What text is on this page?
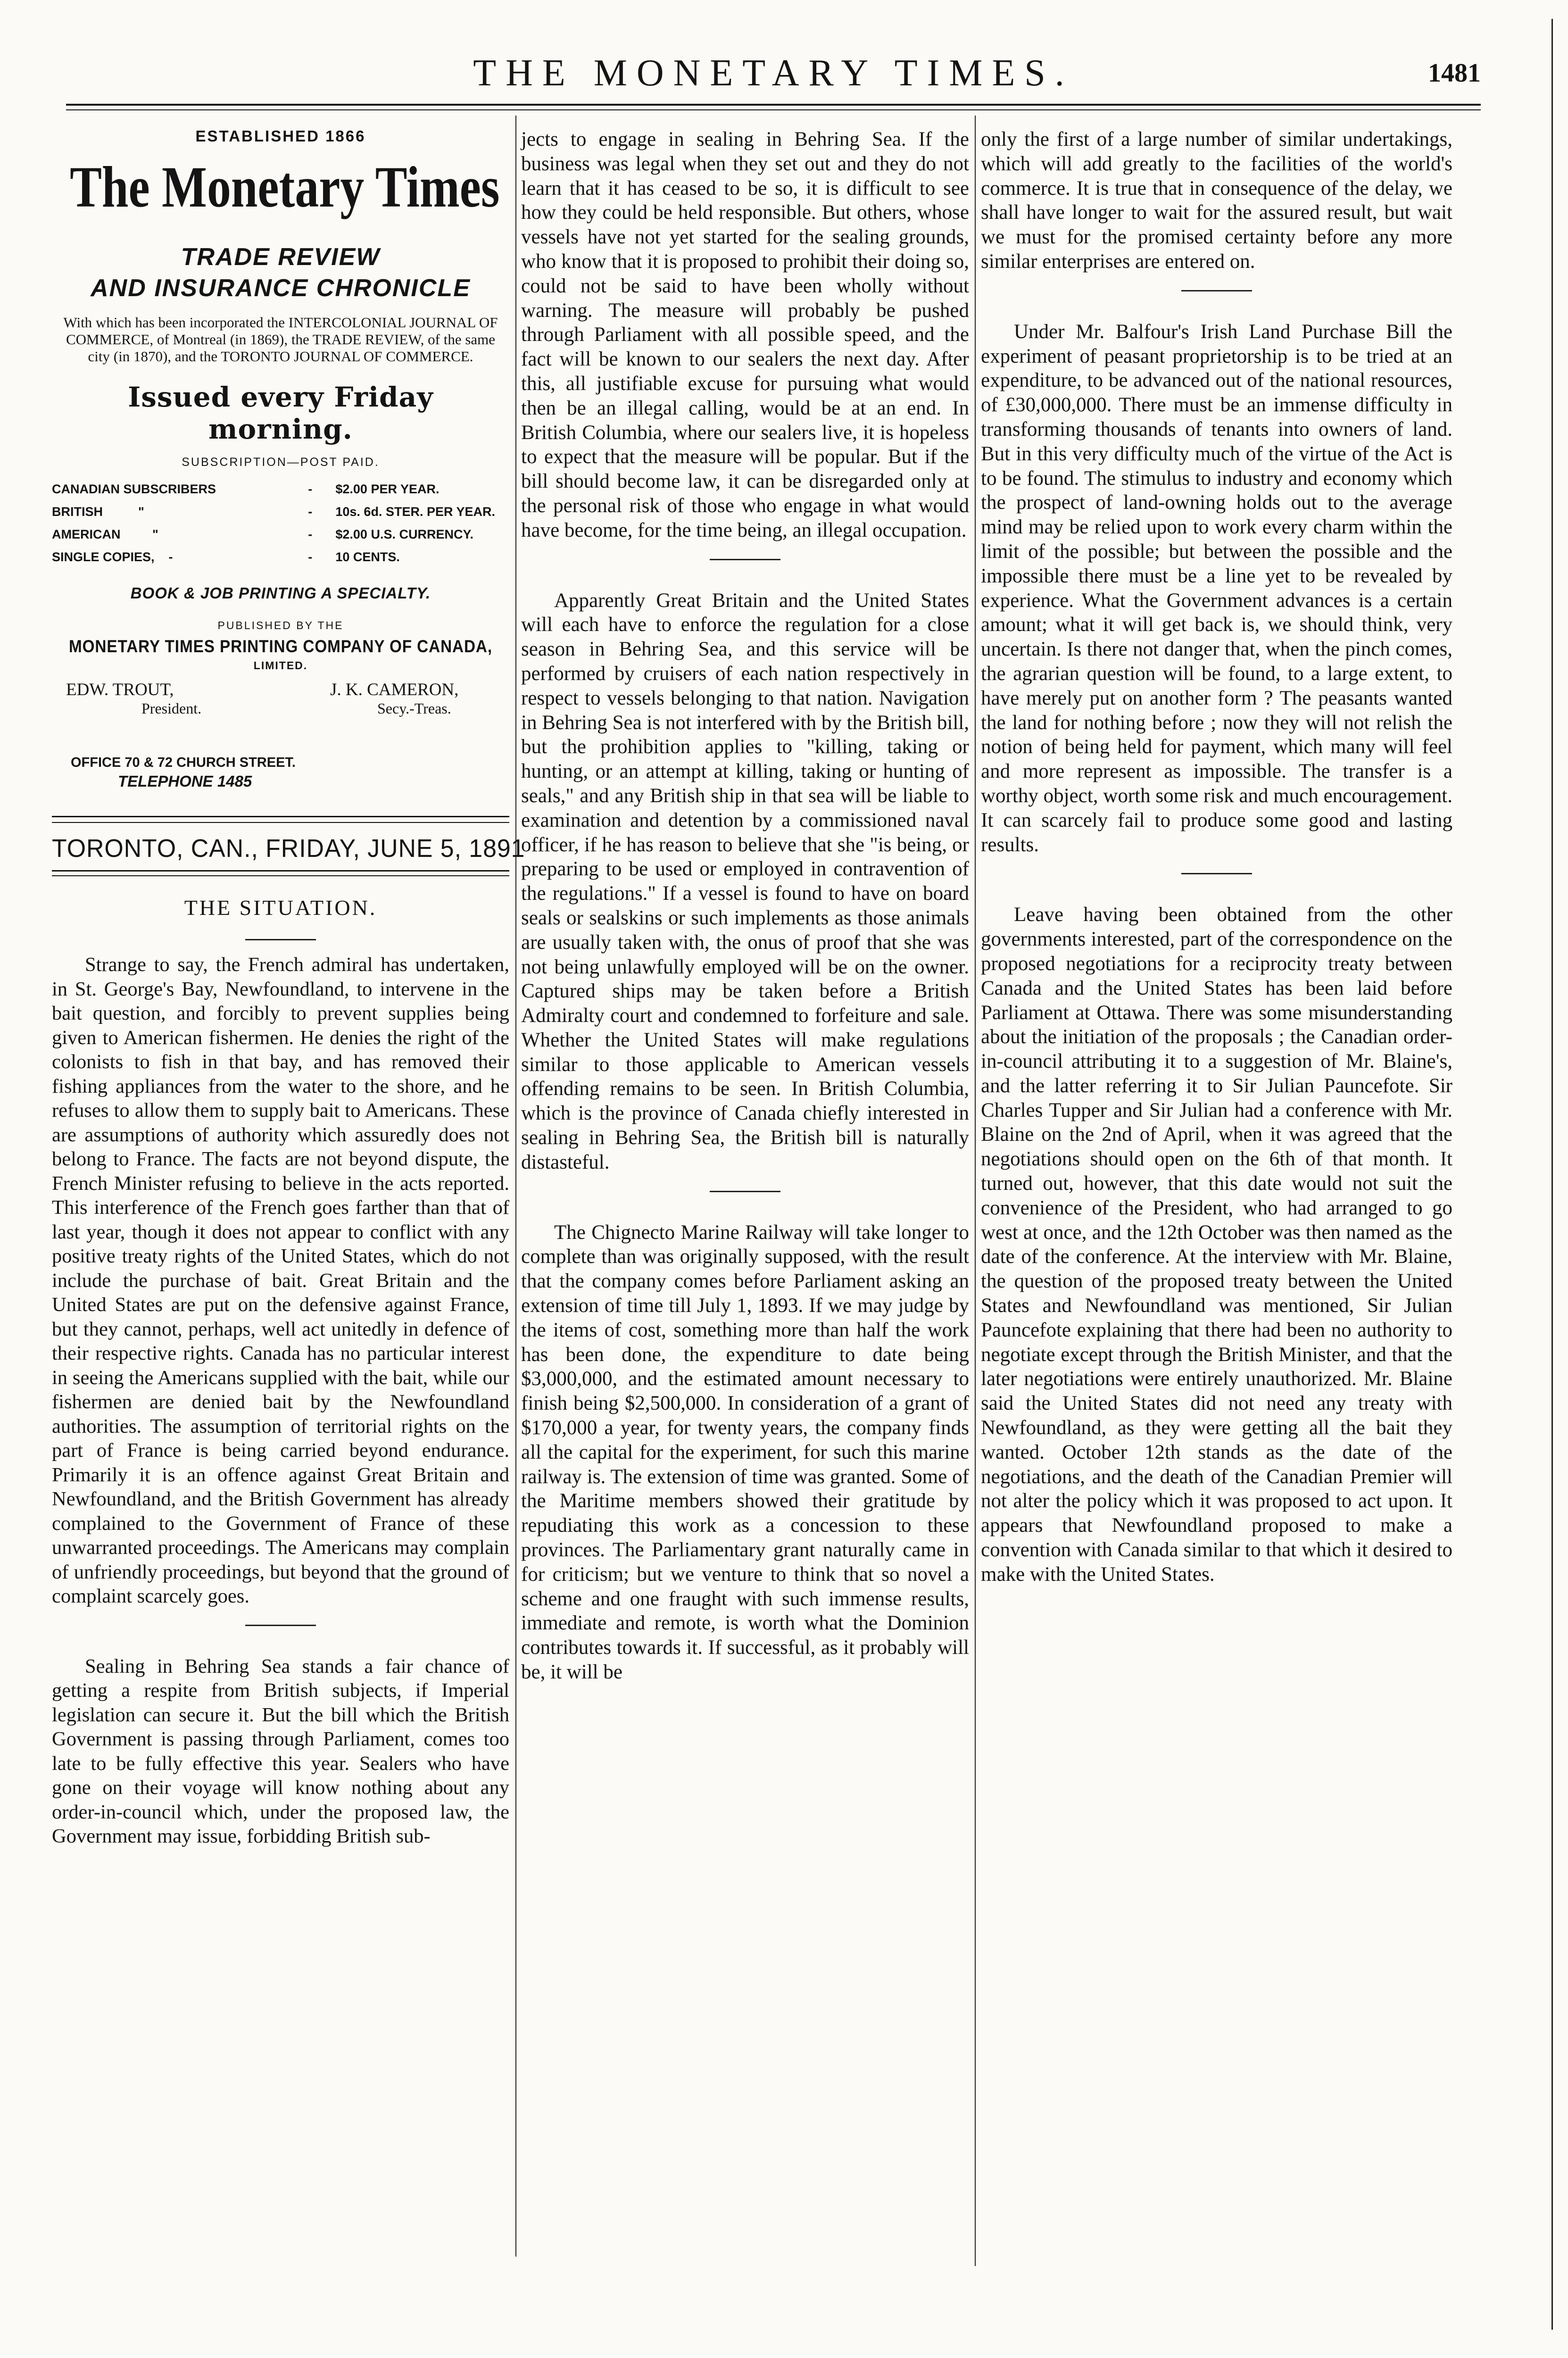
THE MONETARY TIMES.	1481
ESTABLISHED 1866
The Monetary Times
TRADE REVIEW
AND INSURANCE CHRONICLE
With which has been incorporated the INTERCOLONIAL JOURNAL OF COMMERCE, of Montreal (in 1869), the TRADE REVIEW, of the same city (in 1870), and the TORONTO JOURNAL OF COMMERCE.
Issued every Friday morning.
SUBSCRIPTION—POST PAID.
CANADIAN SUBSCRIBERS	-	$2.00 PER YEAR.
BRITISH          "	-	10s. 6d. STER. PER YEAR.
AMERICAN         "	-	$2.00 U.S. CURRENCY.
SINGLE COPIES,    -	-	10 CENTS.
BOOK & JOB PRINTING A SPECIALTY.
PUBLISHED BY THE
MONETARY TIMES PRINTING COMPANY OF CANADA,
LIMITED.
EDW. TROUT,
President.
J. K. CAMERON,
Secy.-Treas.
OFFICE 70 & 72 CHURCH STREET.
TELEPHONE 1485
TORONTO, CAN., FRIDAY, JUNE 5, 1891
THE SITUATION.

Strange to say, the French admiral has undertaken, in St. George's Bay, Newfoundland, to intervene in the bait question, and forcibly to prevent supplies being given to American fishermen. He denies the right of the colonists to fish in that bay, and has removed their fishing appliances from the water to the shore, and he refuses to allow them to supply bait to Americans. These are assumptions of authority which assuredly does not belong to France. The facts are not beyond dispute, the French Minister refusing to believe in the acts reported. This interference of the French goes farther than that of last year, though it does not appear to conflict with any positive treaty rights of the United States, which do not include the purchase of bait. Great Britain and the United States are put on the defensive against France, but they cannot, perhaps, well act unitedly in defence of their respective rights. Canada has no particular interest in seeing the Americans supplied with the bait, while our fishermen are denied bait by the Newfoundland authorities. The assumption of territorial rights on the part of France is being carried beyond endurance. Primarily it is an offence against Great Britain and Newfoundland, and the British Government has already complained to the Government of France of these unwarranted proceedings. The Americans may complain of unfriendly proceedings, but beyond that the ground of complaint scarcely goes.

Sealing in Behring Sea stands a fair chance of getting a respite from British subjects, if Imperial legislation can secure it. But the bill which the British Government is passing through Parliament, comes too late to be fully effective this year. Sealers who have gone on their voyage will know nothing about any order-in-council which, under the proposed law, the Government may issue, forbidding British sub-

jects to engage in sealing in Behring Sea. If the business was legal when they set out and they do not learn that it has ceased to be so, it is difficult to see how they could be held responsible. But others, whose vessels have not yet started for the sealing grounds, who know that it is proposed to prohibit their doing so, could not be said to have been wholly without warning. The measure will probably be pushed through Parliament with all possible speed, and the fact will be known to our sealers the next day. After this, all justifiable excuse for pursuing what would then be an illegal calling, would be at an end. In British Columbia, where our sealers live, it is hopeless to expect that the measure will be popular. But if the bill should become law, it can be disregarded only at the personal risk of those who engage in what would have become, for the time being, an illegal occupation.

Apparently Great Britain and the United States will each have to enforce the regulation for a close season in Behring Sea, and this service will be performed by cruisers of each nation respectively in respect to vessels belonging to that nation. Navigation in Behring Sea is not interfered with by the British bill, but the prohibition applies to "killing, taking or hunting, or an attempt at killing, taking or hunting of seals," and any British ship in that sea will be liable to examination and detention by a commissioned naval officer, if he has reason to believe that she "is being, or preparing to be used or employed in contravention of the regulations." If a vessel is found to have on board seals or sealskins or such implements as those animals are usually taken with, the onus of proof that she was not being unlawfully employed will be on the owner. Captured ships may be taken before a British Admiralty court and condemned to forfeiture and sale. Whether the United States will make regulations similar to those applicable to American vessels offending remains to be seen. In British Columbia, which is the province of Canada chiefly interested in sealing in Behring Sea, the British bill is naturally distasteful.

The Chignecto Marine Railway will take longer to complete than was originally supposed, with the result that the company comes before Parliament asking an extension of time till July 1, 1893. If we may judge by the items of cost, something more than half the work has been done, the expenditure to date being $3,000,000, and the estimated amount necessary to finish being $2,500,000. In consideration of a grant of $170,000 a year, for twenty years, the company finds all the capital for the experiment, for such this marine railway is. The extension of time was granted. Some of the Maritime members showed their gratitude by repudiating this work as a concession to these provinces. The Parliamentary grant naturally came in for criticism; but we venture to think that so novel a scheme and one fraught with such immense results, immediate and remote, is worth what the Dominion contributes towards it. If successful, as it probably will be, it will be

only the first of a large number of similar undertakings, which will add greatly to the facilities of the world's commerce. It is true that in consequence of the delay, we shall have longer to wait for the assured result, but wait we must for the promised certainty before any more similar enterprises are entered on.

Under Mr. Balfour's Irish Land Purchase Bill the experiment of peasant proprietorship is to be tried at an expenditure, to be advanced out of the national resources, of £30,000,000. There must be an immense difficulty in transforming thousands of tenants into owners of land. But in this very difficulty much of the virtue of the Act is to be found. The stimulus to industry and economy which the prospect of land-owning holds out to the average mind may be relied upon to work every charm within the limit of the possible; but between the possible and the impossible there must be a line yet to be revealed by experience. What the Government advances is a certain amount; what it will get back is, we should think, very uncertain. Is there not danger that, when the pinch comes, the agrarian question will be found, to a large extent, to have merely put on another form ? The peasants wanted the land for nothing before ; now they will not relish the notion of being held for payment, which many will feel and more represent as impossible. The transfer is a worthy object, worth some risk and much encouragement. It can scarcely fail to produce some good and lasting results.

Leave having been obtained from the other governments interested, part of the correspondence on the proposed negotiations for a reciprocity treaty between Canada and the United States has been laid before Parliament at Ottawa. There was some misunderstanding about the initiation of the proposals ; the Canadian order-in-council attributing it to a suggestion of Mr. Blaine's, and the latter referring it to Sir Julian Pauncefote. Sir Charles Tupper and Sir Julian had a conference with Mr. Blaine on the 2nd of April, when it was agreed that the negotiations should open on the 6th of that month. It turned out, however, that this date would not suit the convenience of the President, who had arranged to go west at once, and the 12th October was then named as the date of the conference. At the interview with Mr. Blaine, the question of the proposed treaty between the United States and Newfoundland was mentioned, Sir Julian Pauncefote explaining that there had been no authority to negotiate except through the British Minister, and that the later negotiations were entirely unauthorized. Mr. Blaine said the United States did not need any treaty with Newfoundland, as they were getting all the bait they wanted. October 12th stands as the date of the negotiations, and the death of the Canadian Premier will not alter the policy which it was proposed to act upon. It appears that Newfoundland proposed to make a convention with Canada similar to that which it desired to make with the United States.
